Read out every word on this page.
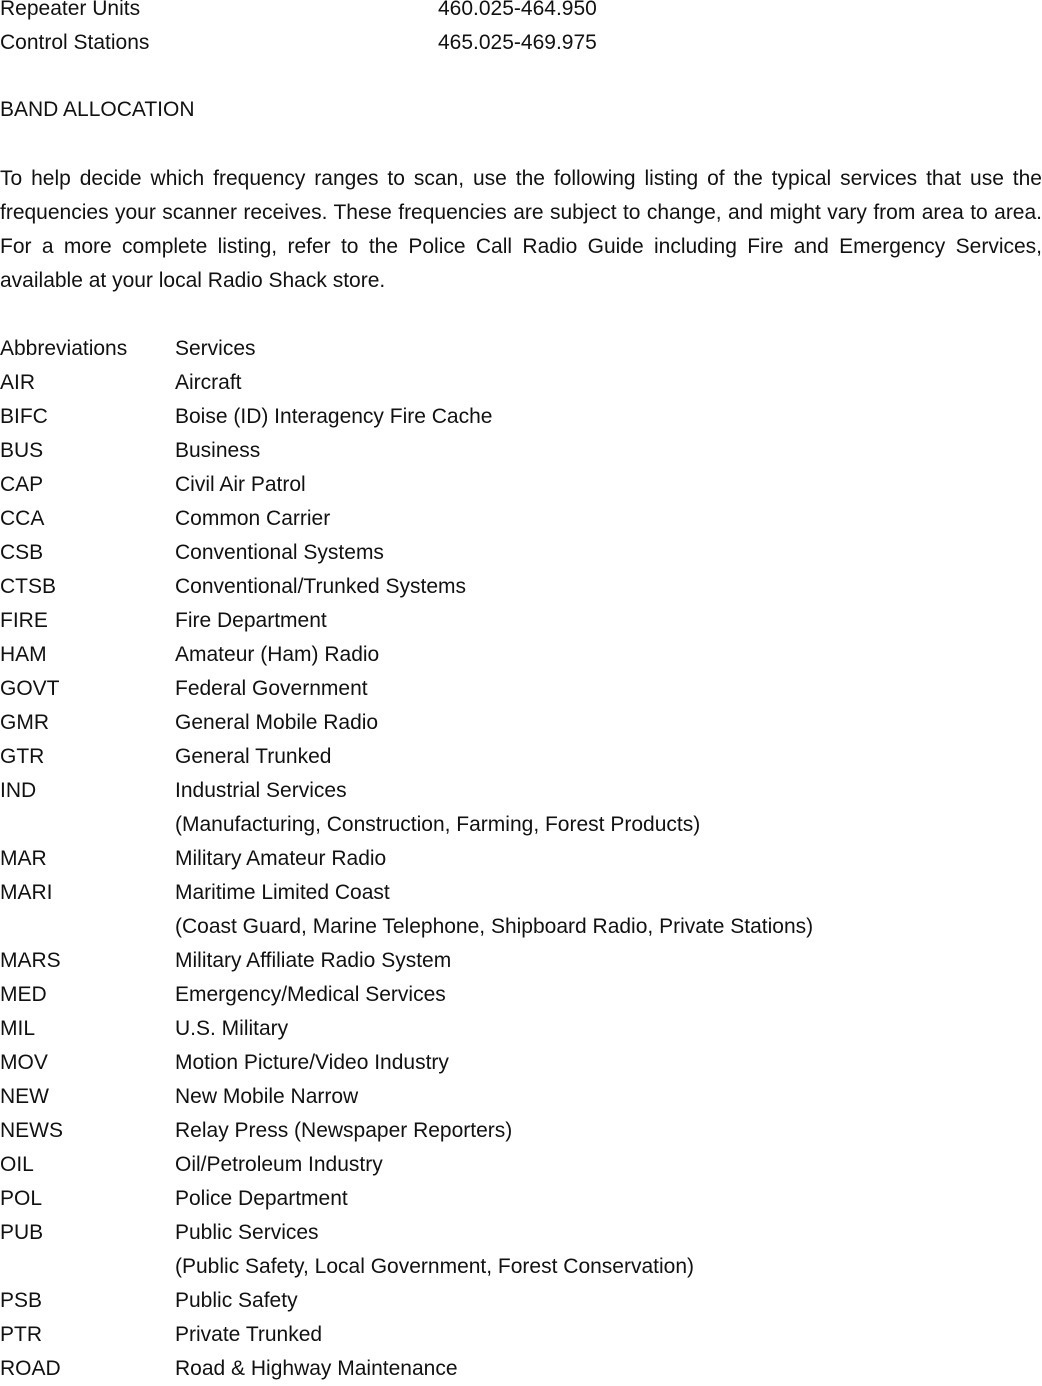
Repeater Units	460.025-464.950
Control Stations	465.025-469.975
BAND ALLOCATION

To help decide which frequency ranges to scan, use the following listing of the typical services that use the frequencies your scanner receives. These frequencies are subject to change, and might vary from area to area. For a more complete listing, refer to the Police Call Radio Guide including Fire and Emergency Services, available at your local Radio Shack store.

Abbreviations Services
AIR	Aircraft
BIFC	Boise (ID) Interagency Fire Cache
BUS	Business
CAP	Civil Air Patrol
CCA	Common Carrier
CSB	Conventional Systems
CTSB	Conventional/Trunked Systems
FIRE	Fire Department
HAM	Amateur (Ham) Radio
GOVT	Federal Government
GMR	General Mobile Radio
GTR	General Trunked
IND	Industrial Services
(Manufacturing, Construction, Farming, Forest Products)
MAR	Military Amateur Radio
MARI	Maritime Limited Coast
(Coast Guard, Marine Telephone, Shipboard Radio, Private Stations)
MARS	Military Affiliate Radio System
MED	Emergency/Medical Services
MIL	U.S. Military
MOV	Motion Picture/Video Industry
NEW	New Mobile Narrow
NEWS	Relay Press (Newspaper Reporters)
OIL	Oil/Petroleum Industry
POL	Police Department
PUB	Public Services
(Public Safety, Local Government, Forest Conservation)
PSB	Public Safety
PTR	Private Trunked
ROAD	Road & Highway Maintenance
